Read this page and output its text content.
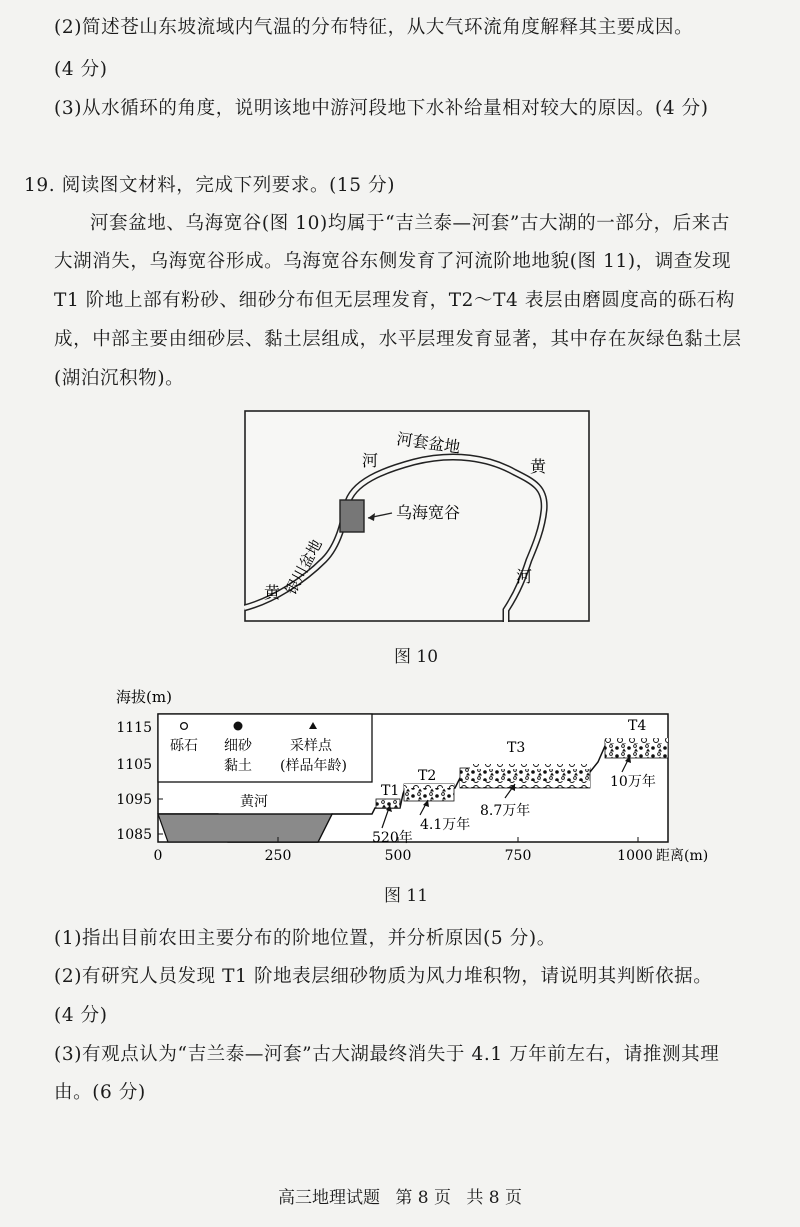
(2)简述苍山东坡流域内气温的分布特征，从大气环流角度解释其主要成因。
(4 分)
(3)从水循环的角度，说明该地中游河段地下水补给量相对较大的原因。(4 分)
19. 阅读图文材料，完成下列要求。(15 分)
河套盆地、乌海宽谷(图 10)均属于“吉兰泰—河套”古大湖的一部分，后来古
大湖消失，乌海宽谷形成。乌海宽谷东侧发育了河流阶地地貌(图 11)，调查发现
T1 阶地上部有粉砂、细砂分布但无层理发育，T2～T4 表层由磨圆度高的砾石构
成，中部主要由细砂层、黏土层组成，水平层理发育显著，其中存在灰绿色黏土层
(湖泊沉积物)。
河
河套盆地
黄
乌海宽谷
银川盆地
黄
河
图 10
海拔(m)
1115
1105
1095
1085
砾石 细砂
黏土
采样点
(样品年龄)
黄河
T1
T2
T3
T4
520年
4.1万年
8.7万年
10万年
0	250	500	750	1000 距离(m)
图 11
(1)指出目前农田主要分布的阶地位置，并分析原因(5 分)。
(2)有研究人员发现 T1 阶地表层细砂物质为风力堆积物，请说明其判断依据。
(4 分)
(3)有观点认为“吉兰泰—河套”古大湖最终消失于 4.1 万年前左右，请推测其理
由。(6 分)
高三地理试题 第 8 页 共 8 页
